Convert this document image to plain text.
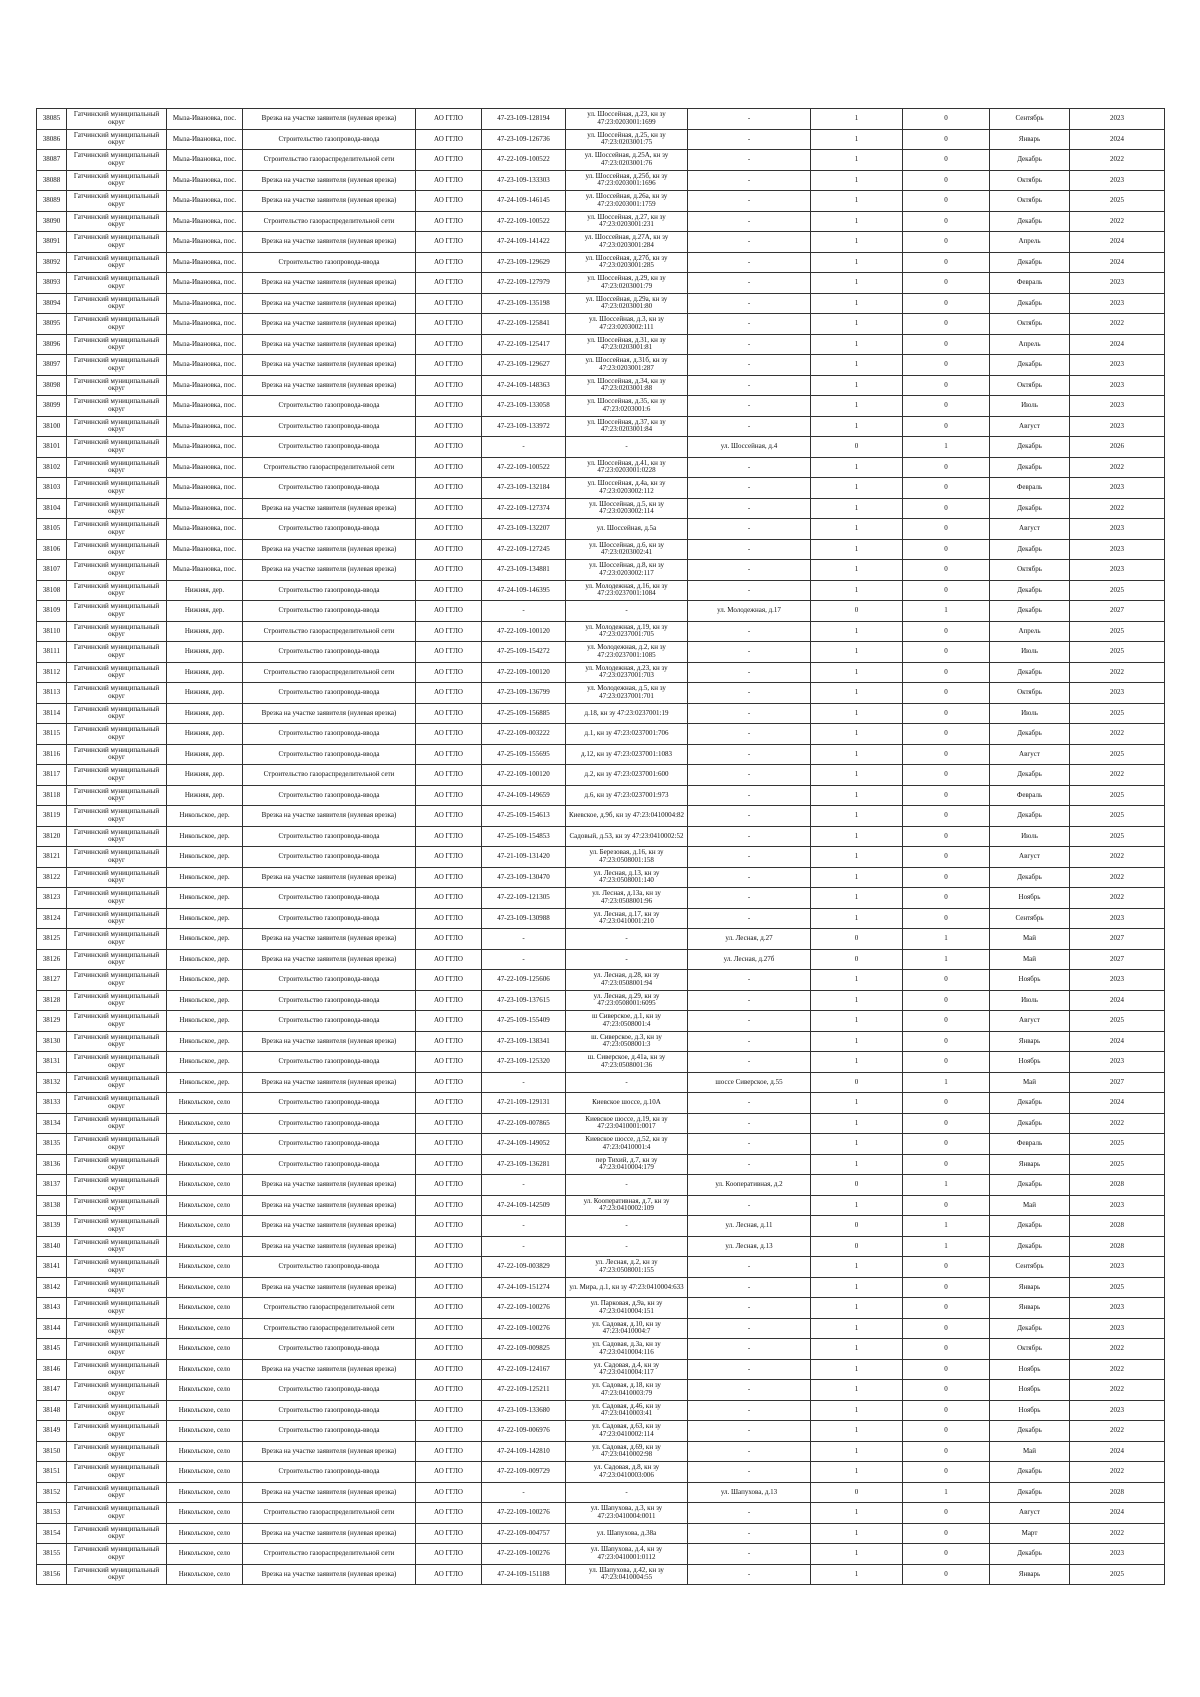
38085	Гатчинский муниципальный округ	Мыза-Ивановка, пос.	Врезка на участке заявителя (нулевая врезка)	АО ГГЛО	47-23-109-128194	ул. Шоссейная, д.23, кн зу 47:23:0203001:1699	-	1	0	Сентябрь	2023
38086	Гатчинский муниципальный округ	Мыза-Ивановка, пос.	Строительство газопровода-ввода	АО ГГЛО	47-23-109-126736	ул. Шоссейная, д.25, кн зу 47:23:0203001:75	-	1	0	Январь	2024
38087	Гатчинский муниципальный округ	Мыза-Ивановка, пос.	Строительство газораспределительной сети	АО ГГЛО	47-22-109-100522	ул. Шоссейная, д.25А, кн зу 47:23:0203001:76	-	1	0	Декабрь	2022
38088	Гатчинский муниципальный округ	Мыза-Ивановка, пос.	Врезка на участке заявителя (нулевая врезка)	АО ГГЛО	47-23-109-133303	ул. Шоссейная, д.25б, кн зу 47:23:0203001:1696	-	1	0	Октябрь	2023
38089	Гатчинский муниципальный округ	Мыза-Ивановка, пос.	Врезка на участке заявителя (нулевая врезка)	АО ГГЛО	47-24-109-146145	ул. Шоссейная, д.26а, кн зу 47:23:0203001:1759	-	1	0	Октябрь	2025
38090	Гатчинский муниципальный округ	Мыза-Ивановка, пос.	Строительство газораспределительной сети	АО ГГЛО	47-22-109-100522	ул. Шоссейная, д.27, кн зу 47:23:0203001:231	-	1	0	Декабрь	2022
38091	Гатчинский муниципальный округ	Мыза-Ивановка, пос.	Врезка на участке заявителя (нулевая врезка)	АО ГГЛО	47-24-109-141422	ул. Шоссейная, д.27А, кн зу 47:23:0203001:284	-	1	0	Апрель	2024
38092	Гатчинский муниципальный округ	Мыза-Ивановка, пос.	Строительство газопровода-ввода	АО ГГЛО	47-23-109-129629	ул. Шоссейная, д.27б, кн зу 47:23:0203001:285	-	1	0	Декабрь	2024
38093	Гатчинский муниципальный округ	Мыза-Ивановка, пос.	Врезка на участке заявителя (нулевая врезка)	АО ГГЛО	47-22-109-127979	ул. Шоссейная, д.29, кн зу 47:23:0203001:79	-	1	0	Февраль	2023
38094	Гатчинский муниципальный округ	Мыза-Ивановка, пос.	Врезка на участке заявителя (нулевая врезка)	АО ГГЛО	47-23-109-135198	ул. Шоссейная, д.29а, кн зу 47:23:0203001:80	-	1	0	Декабрь	2023
38095	Гатчинский муниципальный округ	Мыза-Ивановка, пос.	Врезка на участке заявителя (нулевая врезка)	АО ГГЛО	47-22-109-125841	ул. Шоссейная, д.3, кн зу 47:23:0203002:111	-	1	0	Октябрь	2022
38096	Гатчинский муниципальный округ	Мыза-Ивановка, пос.	Врезка на участке заявителя (нулевая врезка)	АО ГГЛО	47-22-109-125417	ул. Шоссейная, д.31, кн зу 47:23:0203001:81	-	1	0	Апрель	2024
38097	Гатчинский муниципальный округ	Мыза-Ивановка, пос.	Врезка на участке заявителя (нулевая врезка)	АО ГГЛО	47-23-109-129627	ул. Шоссейная, д.31б, кн зу 47:23:0203001:287	-	1	0	Декабрь	2023
38098	Гатчинский муниципальный округ	Мыза-Ивановка, пос.	Врезка на участке заявителя (нулевая врезка)	АО ГГЛО	47-24-109-148363	ул. Шоссейная, д.34, кн зу 47:23:0203001:88	-	1	0	Октябрь	2023
38099	Гатчинский муниципальный округ	Мыза-Ивановка, пос.	Строительство газопровода-ввода	АО ГГЛО	47-23-109-133058	ул. Шоссейная, д.35, кн зу 47:23:0203001:6	-	1	0	Июль	2023
38100	Гатчинский муниципальный округ	Мыза-Ивановка, пос.	Строительство газопровода-ввода	АО ГГЛО	47-23-109-133972	ул. Шоссейная, д.37, кн зу 47:23:0203001:84	-	1	0	Август	2023
38101	Гатчинский муниципальный округ	Мыза-Ивановка, пос.	Строительство газопровода-ввода	АО ГГЛО	-	-	ул. Шоссейная, д.4	0	1	Декабрь	2026
38102	Гатчинский муниципальный округ	Мыза-Ивановка, пос.	Строительство газораспределительной сети	АО ГГЛО	47-22-109-100522	ул. Шоссейная, д.41, кн зу 47:23:0203001:0228	-	1	0	Декабрь	2022
38103	Гатчинский муниципальный округ	Мыза-Ивановка, пос.	Строительство газопровода-ввода	АО ГГЛО	47-23-109-132184	ул. Шоссейная, д.4а, кн зу 47:23:0203002:112	-	1	0	Февраль	2023
38104	Гатчинский муниципальный округ	Мыза-Ивановка, пос.	Врезка на участке заявителя (нулевая врезка)	АО ГГЛО	47-22-109-127374	ул. Шоссейная, д.5, кн зу 47:23:0203002:114	-	1	0	Декабрь	2022
38105	Гатчинский муниципальный округ	Мыза-Ивановка, пос.	Строительство газопровода-ввода	АО ГГЛО	47-23-109-132207	ул. Шоссейная, д.5а	-	1	0	Август	2023
38106	Гатчинский муниципальный округ	Мыза-Ивановка, пос.	Врезка на участке заявителя (нулевая врезка)	АО ГГЛО	47-22-109-127245	ул. Шоссейная, д.6, кн зу 47:23:0203002:41	-	1	0	Декабрь	2023
38107	Гатчинский муниципальный округ	Мыза-Ивановка, пос.	Врезка на участке заявителя (нулевая врезка)	АО ГГЛО	47-23-109-134881	ул. Шоссейная, д.8, кн зу 47:23:0203002:117	-	1	0	Октябрь	2023
38108	Гатчинский муниципальный округ	Нижняя, дер.	Строительство газопровода-ввода	АО ГГЛО	47-24-109-146395	ул. Молодежная, д.16, кн зу 47:23:0237001:1084	-	1	0	Декабрь	2025
38109	Гатчинский муниципальный округ	Нижняя, дер.	Строительство газопровода-ввода	АО ГГЛО	-	-	ул. Молодежная, д.17	0	1	Декабрь	2027
38110	Гатчинский муниципальный округ	Нижняя, дер.	Строительство газораспределительной сети	АО ГГЛО	47-22-109-100120	ул. Молодежная, д.19, кн зу 47:23:0237001:705	-	1	0	Апрель	2025
38111	Гатчинский муниципальный округ	Нижняя, дер.	Строительство газопровода-ввода	АО ГГЛО	47-25-109-154272	ул. Молодежная, д.2, кн зу 47:23:0237001:1085	-	1	0	Июль	2025
38112	Гатчинский муниципальный округ	Нижняя, дер.	Строительство газораспределительной сети	АО ГГЛО	47-22-109-100120	ул. Молодежная, д.23, кн зу 47:23:0237001:703	-	1	0	Декабрь	2022
38113	Гатчинский муниципальный округ	Нижняя, дер.	Строительство газопровода-ввода	АО ГГЛО	47-23-109-136799	ул. Молодежная, д.5, кн зу 47:23:0237001:701	-	1	0	Октябрь	2023
38114	Гатчинский муниципальный округ	Нижняя, дер.	Врезка на участке заявителя (нулевая врезка)	АО ГГЛО	47-25-109-156885	д.18, кн зу 47:23:0237001:19	-	1	0	Июль	2025
38115	Гатчинский муниципальный округ	Нижняя, дер.	Строительство газопровода-ввода	АО ГГЛО	47-22-109-003222	д.1, кн зу 47:23:0237001:706	-	1	0	Декабрь	2022
38116	Гатчинский муниципальный округ	Нижняя, дер.	Строительство газопровода-ввода	АО ГГЛО	47-25-109-155695	д.12, кн зу 47:23:0237001:1083	-	1	0	Август	2025
38117	Гатчинский муниципальный округ	Нижняя, дер.	Строительство газораспределительной сети	АО ГГЛО	47-22-109-100120	д.2, кн зу 47:23:0237001:600	-	1	0	Декабрь	2022
38118	Гатчинский муниципальный округ	Нижняя, дер.	Строительство газопровода-ввода	АО ГГЛО	47-24-109-149659	д.6, кн зу 47:23:0237001:973	-	1	0	Февраль	2025
38119	Гатчинский муниципальный округ	Никольское, дер.	Врезка на участке заявителя (нулевая врезка)	АО ГГЛО	47-25-109-154613	Киевское, д.9б, кн зу 47:23:0410004:82	-	1	0	Декабрь	2025
38120	Гатчинский муниципальный округ	Никольское, дер.	Строительство газопровода-ввода	АО ГГЛО	47-25-109-154853	Садовый, д.53, кн зу 47:23:0410002:52	-	1	0	Июль	2025
38121	Гатчинский муниципальный округ	Никольское, дер.	Строительство газопровода-ввода	АО ГГЛО	47-21-109-131420	ул. Березовая, д.16, кн зу 47:23:0508001:158	-	1	0	Август	2022
38122	Гатчинский муниципальный округ	Никольское, дер.	Врезка на участке заявителя (нулевая врезка)	АО ГГЛО	47-23-109-130470	ул. Лесная, д.13, кн зу 47:23:0508001:140	-	1	0	Декабрь	2022
38123	Гатчинский муниципальный округ	Никольское, дер.	Строительство газопровода-ввода	АО ГГЛО	47-22-109-121305	ул. Лесная, д.13а, кн зу 47:23:0508001:96	-	1	0	Ноябрь	2022
38124	Гатчинский муниципальный округ	Никольское, дер.	Строительство газопровода-ввода	АО ГГЛО	47-23-109-130988	ул. Лесная, д.17, кн зу 47:23:0410001:210	-	1	0	Сентябрь	2023
38125	Гатчинский муниципальный округ	Никольское, дер.	Врезка на участке заявителя (нулевая врезка)	АО ГГЛО	-	-	ул. Лесная, д.27	0	1	Май	2027
38126	Гатчинский муниципальный округ	Никольское, дер.	Врезка на участке заявителя (нулевая врезка)	АО ГГЛО	-	-	ул. Лесная, д.27б	0	1	Май	2027
38127	Гатчинский муниципальный округ	Никольское, дер.	Строительство газопровода-ввода	АО ГГЛО	47-22-109-125606	ул. Лесная, д.28, кн зу 47:23:0508001:94	-	1	0	Ноябрь	2023
38128	Гатчинский муниципальный округ	Никольское, дер.	Строительство газопровода-ввода	АО ГГЛО	47-23-109-137615	ул. Лесная, д.29, кн зу 47:23:0508001:6095	-	1	0	Июль	2024
38129	Гатчинский муниципальный округ	Никольское, дер.	Строительство газопровода-ввода	АО ГГЛО	47-25-109-155409	ш Сиверское, д.1, кн зу 47:23:0508001:4	-	1	0	Август	2025
38130	Гатчинский муниципальный округ	Никольское, дер.	Врезка на участке заявителя (нулевая врезка)	АО ГГЛО	47-23-109-138341	ш. Сиверское, д.3, кн зу 47:23:0508001:3	-	1	0	Январь	2024
38131	Гатчинский муниципальный округ	Никольское, дер.	Строительство газопровода-ввода	АО ГГЛО	47-23-109-125320	ш. Сиверское, д.41а, кн зу 47:23:0508001:36	-	1	0	Ноябрь	2023
38132	Гатчинский муниципальный округ	Никольское, дер.	Врезка на участке заявителя (нулевая врезка)	АО ГГЛО	-	-	шоссе Сиверское, д.55	0	1	Май	2027
38133	Гатчинский муниципальный округ	Никольское, село	Строительство газопровода-ввода	АО ГГЛО	47-21-109-129131	Киевское шоссе, д.10А	-	1	0	Декабрь	2024
38134	Гатчинский муниципальный округ	Никольское, село	Строительство газопровода-ввода	АО ГГЛО	47-22-109-007865	Киевское шоссе, д.19, кн зу 47:23:0410001:0017	-	1	0	Декабрь	2022
38135	Гатчинский муниципальный округ	Никольское, село	Строительство газопровода-ввода	АО ГГЛО	47-24-109-149052	Киевское шоссе, д.52, кн зу 47:23:0410001:4	-	1	0	Февраль	2025
38136	Гатчинский муниципальный округ	Никольское, село	Строительство газопровода-ввода	АО ГГЛО	47-23-109-136281	пер Тихий, д.7, кн зу 47:23:0410004:179	-	1	0	Январь	2025
38137	Гатчинский муниципальный округ	Никольское, село	Врезка на участке заявителя (нулевая врезка)	АО ГГЛО	-	-	ул. Кооперативная, д.2	0	1	Декабрь	2028
38138	Гатчинский муниципальный округ	Никольское, село	Врезка на участке заявителя (нулевая врезка)	АО ГГЛО	47-24-109-142509	ул. Кооперативная, д.7, кн зу 47:23:0410002:109	-	1	0	Май	2023
38139	Гатчинский муниципальный округ	Никольское, село	Врезка на участке заявителя (нулевая врезка)	АО ГГЛО	-	-	ул. Лесная, д.11	0	1	Декабрь	2028
38140	Гатчинский муниципальный округ	Никольское, село	Врезка на участке заявителя (нулевая врезка)	АО ГГЛО	-	-	ул. Лесная, д.13	0	1	Декабрь	2028
38141	Гатчинский муниципальный округ	Никольское, село	Строительство газопровода-ввода	АО ГГЛО	47-22-109-003829	ул. Лесная, д.2, кн зу 47:23:0508001:155	-	1	0	Сентябрь	2023
38142	Гатчинский муниципальный округ	Никольское, село	Врезка на участке заявителя (нулевая врезка)	АО ГГЛО	47-24-109-151274	ул. Мира, д.1, кн зу 47:23:0410004:633	-	1	0	Январь	2025
38143	Гатчинский муниципальный округ	Никольское, село	Строительство газораспределительной сети	АО ГГЛО	47-22-109-100276	ул. Парковая, д.9а, кн зу 47:23:0410004:151	-	1	0	Январь	2023
38144	Гатчинский муниципальный округ	Никольское, село	Строительство газораспределительной сети	АО ГГЛО	47-22-109-100276	ул. Садовая, д.10, кн зу 47:23:0410004:7	-	1	0	Декабрь	2023
38145	Гатчинский муниципальный округ	Никольское, село	Строительство газопровода-ввода	АО ГГЛО	47-22-109-009825	ул. Садовая, д.3а, кн зу 47:23:0410004:116	-	1	0	Октябрь	2022
38146	Гатчинский муниципальный округ	Никольское, село	Врезка на участке заявителя (нулевая врезка)	АО ГГЛО	47-22-109-124167	ул. Садовая, д.4, кн зу 47:23:0410004:117	-	1	0	Ноябрь	2022
38147	Гатчинский муниципальный округ	Никольское, село	Строительство газопровода-ввода	АО ГГЛО	47-22-109-125211	ул. Садовая, д.18, кн зу 47:23:0410003:79	-	1	0	Ноябрь	2022
38148	Гатчинский муниципальный округ	Никольское, село	Строительство газопровода-ввода	АО ГГЛО	47-23-109-133680	ул. Садовая, д.46, кн зу 47:23:0410003:41	-	1	0	Ноябрь	2023
38149	Гатчинский муниципальный округ	Никольское, село	Строительство газопровода-ввода	АО ГГЛО	47-22-109-006976	ул. Садовая, д.63, кн зу 47:23:0410002:114	-	1	0	Декабрь	2022
38150	Гатчинский муниципальный округ	Никольское, село	Врезка на участке заявителя (нулевая врезка)	АО ГГЛО	47-24-109-142810	ул. Садовая, д.69, кн зу 47:23:0410002:98	-	1	0	Май	2024
38151	Гатчинский муниципальный округ	Никольское, село	Строительство газопровода-ввода	АО ГГЛО	47-22-109-009729	ул. Садовая, д.8, кн зу 47:23:0410003:006	-	1	0	Декабрь	2022
38152	Гатчинский муниципальный округ	Никольское, село	Врезка на участке заявителя (нулевая врезка)	АО ГГЛО	-	-	ул. Шапухова, д.13	0	1	Декабрь	2028
38153	Гатчинский муниципальный округ	Никольское, село	Строительство газораспределительной сети	АО ГГЛО	47-22-109-100276	ул. Шапухова, д.3, кн зу 47:23:0410004:0011	-	1	0	Август	2024
38154	Гатчинский муниципальный округ	Никольское, село	Врезка на участке заявителя (нулевая врезка)	АО ГГЛО	47-22-109-004757	ул. Шапухова, д.38а	-	1	0	Март	2022
38155	Гатчинский муниципальный округ	Никольское, село	Строительство газораспределительной сети	АО ГГЛО	47-22-109-100276	ул. Шапухова, д.4, кн зу 47:23:0410001:0112	-	1	0	Декабрь	2023
38156	Гатчинский муниципальный округ	Никольское, село	Врезка на участке заявителя (нулевая врезка)	АО ГГЛО	47-24-109-151188	ул. Шапухова, д.42, кн зу 47:23:0410004:55	-	1	0	Январь	2025
